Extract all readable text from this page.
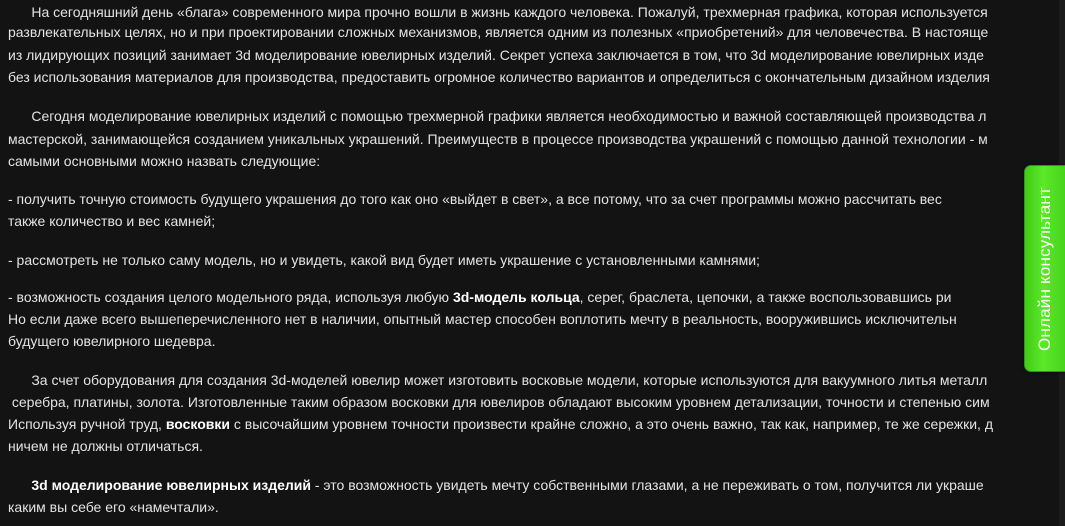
На сегодняшний день «блага» современного мира прочно вошли в жизнь каждого человека. Пожалуй, трехмерная графика, которая используется
развлекательных целях, но и при проектировании сложных механизмов, является одним из полезных «приобретений» для человечества. В настояще
из лидирующих позиций занимает 3d моделирование ювелирных изделий. Секрет успеха заключается в том, что 3d моделирование ювелирных изде
без использования материалов для производства, предоставить огромное количество вариантов и определиться с окончательным дизайном изделия
Сегодня моделирование ювелирных изделий с помощью трехмерной графики является необходимостью и важной составляющей производства л
мастерской, занимающейся созданием уникальных украшений. Преимуществ в процессе производства украшений с помощью данной технологии - м
самыми основными можно назвать следующие:
- получить точную стоимость будущего украшения до того как оно «выйдет в свет», а все потому, что за счет программы можно рассчитать вес
также количество и вес камней;
- рассмотреть не только саму модель, но и увидеть, какой вид будет иметь украшение с установленными камнями;
- возможность создания целого модельного ряда, используя любую 3d-модель кольца, серег, браслета, цепочки, а также воспользовавшись ри
Но если даже всего вышеперечисленного нет в наличии, опытный мастер способен воплотить мечту в реальность, вооружившись исключительн
будущего ювелирного шедевра.
За счет оборудования для создания 3d-моделей ювелир может изготовить восковые модели, которые используются для вакуумного литья металл
серебра, платины, золота. Изготовленные таким образом восковки для ювелиров обладают высоким уровнем детализации, точности и степенью сим
Используя ручной труд, восковки с высочайшим уровнем точности произвести крайне сложно, а это очень важно, так как, например, те же сережки, д
ничем не должны отличаться.
3d моделирование ювелирных изделий - это возможность увидеть мечту собственными глазами, а не переживать о том, получится ли украше
каким вы себе его «намечтали».
Онлайн консультант
